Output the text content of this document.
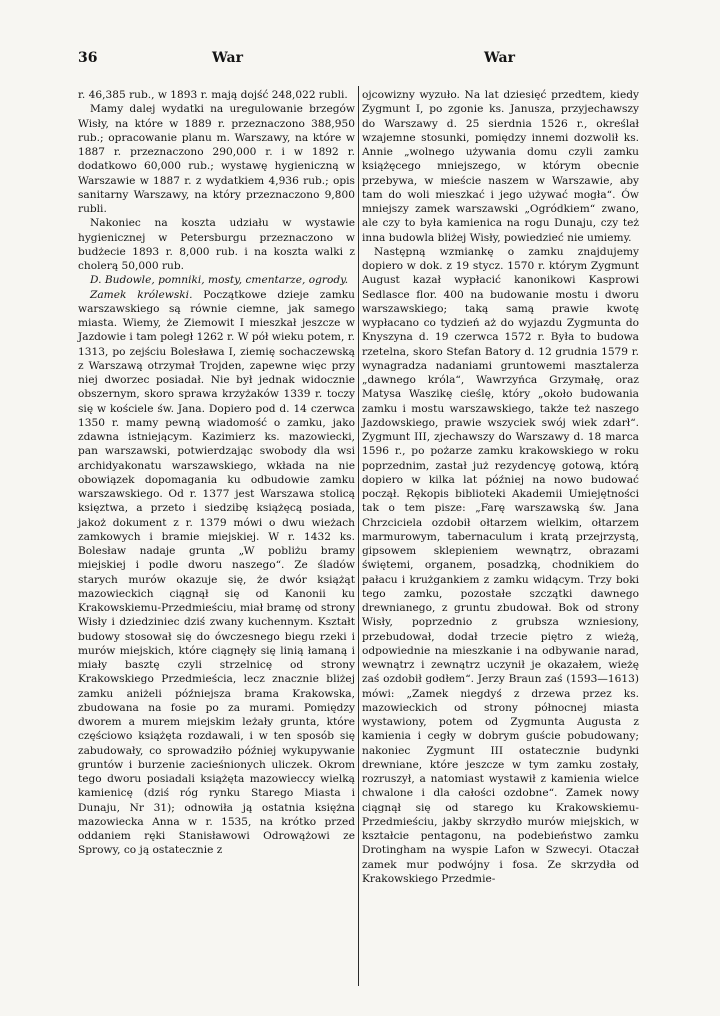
36	War	War

r. 46,385 rub., w 1893 r. mają dojść 248,022 rubli.

Mamy dalej wydatki na uregulowanie brzegów Wisły, na które w 1889 r. przeznaczono 388,950 rub.; opracowanie planu m. Warszawy, na które w 1887 r. przeznaczono 290,000 r. i w 1892 r. dodatkowo 60,000 rub.; wystawę hygieniczną w Warszawie w 1887 r. z wydatkiem 4,936 rub.; opis sanitarny Warszawy, na który przeznaczono 9,800 rubli.

Nakoniec na koszta udziału w wystawie hygienicznej w Petersburgu przeznaczono w budżecie 1893 r. 8,000 rub. i na koszta walki z cholerą 50,000 rub.

D. Budowle, pomniki, mosty, cmentarze, ogrody.

Zamek królewski. Początkowe dzieje zamku warszawskiego są równie ciemne, jak samego miasta. Wiemy, że Ziemowit I mieszkał jeszcze w Jazdowie i tam poległ 1262 r. W pół wieku potem, r. 1313, po zejściu Bolesława I, ziemię sochaczewską z Warszawą otrzymał Trojden, zapewne więc przy niej dworzec posiadał. Nie był jednak widocznie obszernym, skoro sprawa krzyżaków 1339 r. toczy się w kościele św. Jana. Dopiero pod d. 14 czerwca 1350 r. mamy pewną wiadomość o zamku, jako zdawna istniejącym. Kazimierz ks. mazowiecki, pan warszawski, potwierdzając swobody dla wsi archidyakonatu warszawskiego, wkłada na nie obowiązek dopomagania ku odbudowie zamku warszawskiego. Od r. 1377 jest Warszawa stolicą księztwa, a przeto i siedzibę książęcą posiada, jakoż dokument z r. 1379 mówi o dwu wieżach zamkowych i bramie miejskiej. W r. 1432 ks. Bolesław nadaje grunta „W pobliżu bramy miejskiej i podle dworu naszego“. Ze śladów starych murów okazuje się, że dwór książąt mazowieckich ciągnął się od Kanonii ku Krakowskiemu-Przedmieściu, miał bramę od strony Wisły i dziedziniec dziś zwany kuchennym. Kształt budowy stosował się do ówczesnego biegu rzeki i murów miejskich, które ciągnęły się linią łamaną i miały basztę czyli strzelnicę od strony Krakowskiego Przedmieścia, lecz znacznie bliżej zamku aniżeli późniejsza brama Krakowska, zbudowana na fosie po za murami. Pomiędzy dworem a murem miejskim leżały grunta, które częściowo książęta rozdawali, i w ten sposób się zabudowały, co sprowadziło później wykupywanie gruntów i burzenie zacieśnionych uliczek. Okrom tego dworu posiadali książęta mazowieccy wielką kamienicę (dziś róg rynku Starego Miasta i Dunaju, Nr 31); odnowiła ją ostatnia księżna mazowiecka Anna w r. 1535, na krótko przed oddaniem ręki Stanisławowi Odrowążowi ze Sprowy, co ją ostatecznie z

ojcowizny wyzuło. Na lat dziesięć przedtem, kiedy Zygmunt I, po zgonie ks. Janusza, przyjechawszy do Warszawy d. 25 sierdnia 1526 r., określał wzajemne stosunki, pomiędzy innemi dozwolił ks. Annie „wolnego używania domu czyli zamku książęcego mniejszego, w którym obecnie przebywa, w mieście naszem w Warszawie, aby tam do woli mieszkać i jego używać mogła“. Ów mniejszy zamek warszawski „Ogródkiem“ zwano, ale czy to była kamienica na rogu Dunaju, czy też inna budowla bliżej Wisły, powiedzieć nie umiemy.

Następną wzmiankę o zamku znajdujemy dopiero w dok. z 19 stycz. 1570 r. którym Zygmunt August kazał wypłacić kanonikowi Kasprowi Sedlasce flor. 400 na budowanie mostu i dworu warszawskiego; taką samą prawie kwotę wypłacano co tydzień aż do wyjazdu Zygmunta do Knyszyna d. 19 czerwca 1572 r. Była to budowa rzetelna, skoro Stefan Batory d. 12 grudnia 1579 r. wynagradza nadaniami gruntowemi masztalerza „dawnego króla“, Wawrzyńca Grzymałę, oraz Matysa Waszikę cieślę, który „około budowania zamku i mostu warszawskiego, także też naszego Jazdowskiego, prawie wszyciek swój wiek zdarł“. Zygmunt III, zjechawszy do Warszawy d. 18 marca 1596 r., po pożarze zamku krakowskiego w roku poprzednim, zastał już rezydencyę gotową, którą dopiero w kilka lat później na nowo budować począł. Rękopis biblioteki Akademii Umiejętności tak o tem pisze: „Farę warszawską św. Jana Chrzciciela ozdobił ołtarzem wielkim, ołtarzem marmurowym, tabernaculum i kratą przejrzystą, gipsowem sklepieniem wewnątrz, obrazami świętemi, organem, posadzką, chodnikiem do pałacu i krużgankiem z zamku widącym. Trzy boki tego zamku, pozostałe szczątki dawnego drewnianego, z gruntu zbudował. Bok od strony Wisły, poprzednio z grubsza wzniesiony, przebudował, dodał trzecie piętro z wieżą, odpowiednie na mieszkanie i na odbywanie narad, wewnątrz i zewnątrz uczynił je okazałem, wieżę zaś ozdobił godłem“. Jerzy Braun zaś (1593—1613) mówi: „Zamek niegdyś z drzewa przez ks. mazowieckich od strony północnej miasta wystawiony, potem od Zygmunta Augusta z kamienia i cegły w dobrym guście pobudowany; nakoniec Zygmunt III ostatecznie budynki drewniane, które jeszcze w tym zamku zostały, rozruszył, a natomiast wystawił z kamienia wielce chwalone i dla całości ozdobne“. Zamek nowy ciągnął się od starego ku Krakowskiemu-Przedmieściu, jakby skrzydło murów miejskich, w kształcie pentagonu, na podebieństwo zamku Drotingham na wyspie Lafon w Szwecyi. Otaczał zamek mur podwójny i fosa. Ze skrzydła od Krakowskiego Przedmie-
